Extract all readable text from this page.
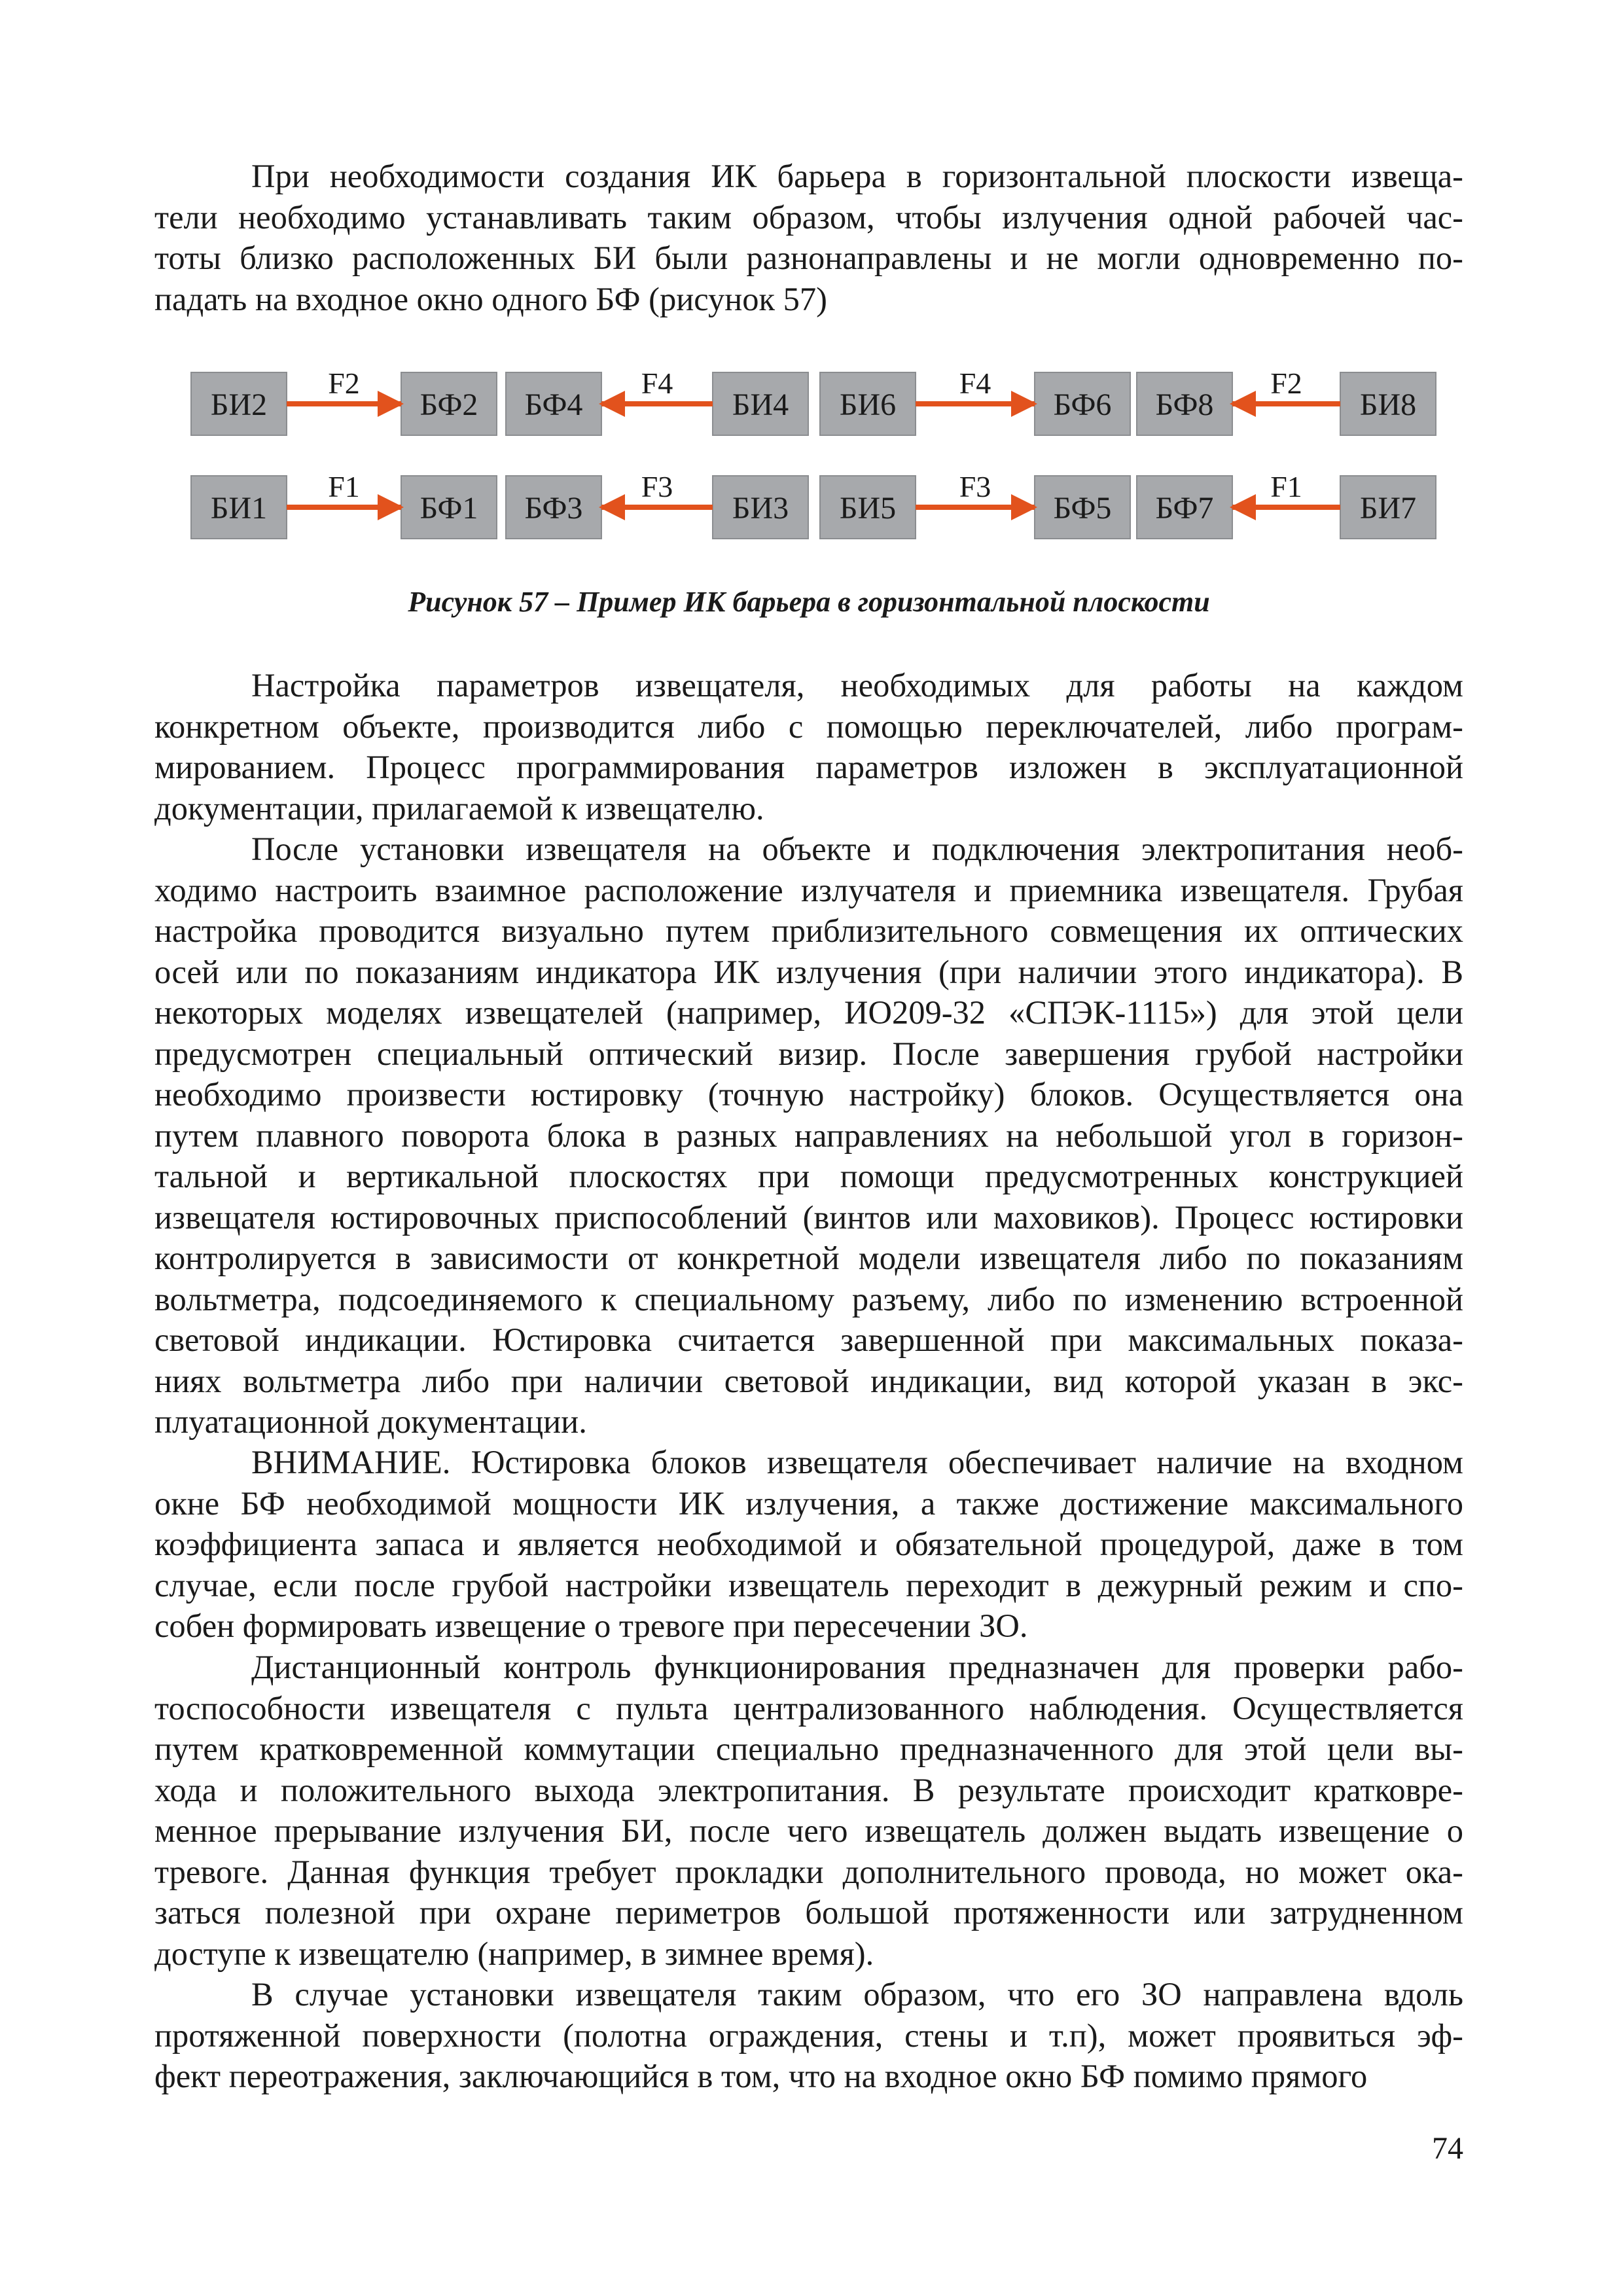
При необходимости создания ИК барьера в горизонтальной плоскости извеща-
тели необходимо устанавливать таким образом, чтобы излучения одной рабочей час-
тоты близко расположенных БИ были разнонаправлены и не могли одновременно по-
падать на входное окно одного БФ (рисунок 57)

БИ2	БФ2 БФ4	БИ4 БИ6	БФ6 БФ8	БИ8
F2	F4	F4	F2
БИ1	БФ1 БФ3	БИ3 БИ5	БФ5 БФ7	БИ7
F1	F3	F3	F1
Рисунок 57 – Пример ИК барьера в горизонтальной плоскости

Настройка параметров извещателя, необходимых для работы на каждом
конкретном объекте, производится либо с помощью переключателей, либо програм-
мированием. Процесс программирования параметров изложен в эксплуатационной
документации, прилагаемой к извещателю.

После установки извещателя на объекте и подключения электропитания необ-
ходимо настроить взаимное расположение излучателя и приемника извещателя. Грубая
настройка проводится визуально путем приблизительного совмещения их оптических
осей или по показаниям индикатора ИК излучения (при наличии этого индикатора). В
некоторых моделях извещателей (например, ИО209-32 «СПЭК-1115») для этой цели
предусмотрен специальный оптический визир. После завершения грубой настройки
необходимо произвести юстировку (точную настройку) блоков. Осуществляется она
путем плавного поворота блока в разных направлениях на небольшой угол в горизон-
тальной и вертикальной плоскостях при помощи предусмотренных конструкцией
извещателя юстировочных приспособлений (винтов или маховиков). Процесс юстировки
контролируется в зависимости от конкретной модели извещателя либо по показаниям
вольтметра, подсоединяемого к специальному разъему, либо по изменению встроенной
световой индикации. Юстировка считается завершенной при максимальных показа-
ниях вольтметра либо при наличии световой индикации, вид которой указан в экс-
плуатационной документации.

ВНИМАНИЕ. Юстировка блоков извещателя обеспечивает наличие на входном
окне БФ необходимой мощности ИК излучения, а также достижение максимального
коэффициента запаса и является необходимой и обязательной процедурой, даже в том
случае, если после грубой настройки извещатель переходит в дежурный режим и спо-
собен формировать извещение о тревоге при пересечении ЗО.

Дистанционный контроль функционирования предназначен для проверки рабо-
тоспособности извещателя с пульта централизованного наблюдения. Осуществляется
путем кратковременной коммутации специально предназначенного для этой цели вы-
хода и положительного выхода электропитания. В результате происходит кратковре-
менное прерывание излучения БИ, после чего извещатель должен выдать извещение о
тревоге. Данная функция требует прокладки дополнительного провода, но может ока-
заться полезной при охране периметров большой протяженности или затрудненном
доступе к извещателю (например, в зимнее время).

В случае установки извещателя таким образом, что его ЗО направлена вдоль
протяженной поверхности (полотна ограждения, стены и т.п), может проявиться эф-
фект переотражения, заключающийся в том, что на входное окно БФ помимо прямого

74
